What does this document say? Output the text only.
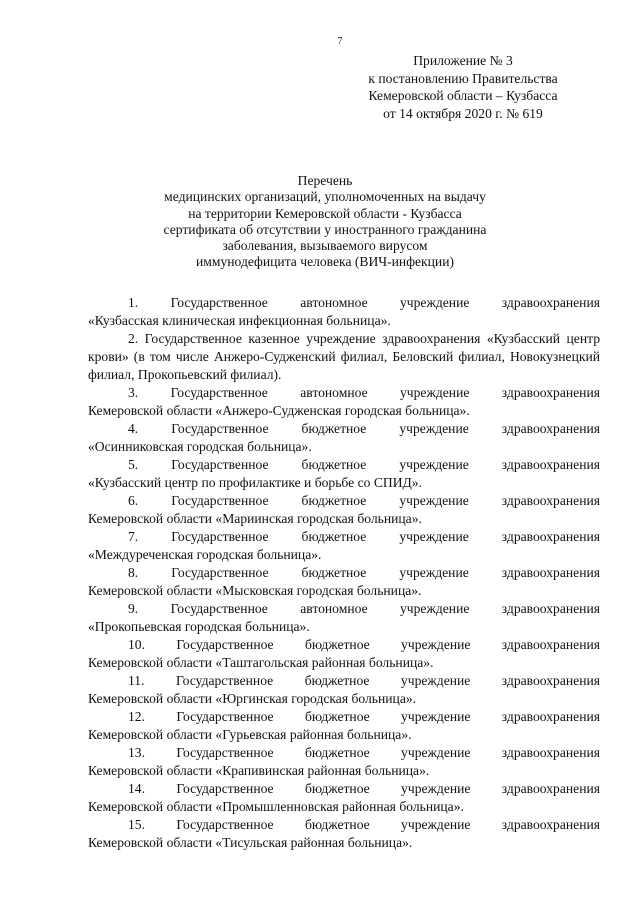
7
Приложение № 3
к постановлению Правительства
Кемеровской области – Кузбасса
от 14 октября 2020 г. № 619
Перечень
медицинских организаций, уполномоченных на выдачу
на территории Кемеровской области - Кузбасса
сертификата об отсутствии у иностранного гражданина
заболевания, вызываемого вирусом
иммунодефицита человека (ВИЧ-инфекции)

1. Государственное автономное учреждение здравоохранения
«Кузбасская клиническая инфекционная больница».

2. Государственное казенное учреждение здравоохранения «Кузбасский центр крови» (в том числе Анжеро-Судженский филиал, Беловский филиал, Новокузнецкий филиал, Прокопьевский филиал).

3. Государственное автономное учреждение здравоохранения
Кемеровской области «Анжеро-Судженская городская больница».

4. Государственное бюджетное учреждение здравоохранения
«Осинниковская городская больница».

5. Государственное бюджетное учреждение здравоохранения
«Кузбасский центр по профилактике и борьбе со СПИД».

6. Государственное бюджетное учреждение здравоохранения
Кемеровской области «Мариинская городская больница».

7. Государственное бюджетное учреждение здравоохранения
«Междуреченская городская больница».

8. Государственное бюджетное учреждение здравоохранения
Кемеровской области «Мысковская городская больница».

9. Государственное автономное учреждение здравоохранения
«Прокопьевская городская больница».

10. Государственное бюджетное учреждение здравоохранения
Кемеровской области «Таштагольская районная больница».

11. Государственное бюджетное учреждение здравоохранения
Кемеровской области «Юргинская городская больница».

12. Государственное бюджетное учреждение здравоохранения
Кемеровской области «Гурьевская районная больница».

13. Государственное бюджетное учреждение здравоохранения
Кемеровской области «Крапивинская районная больница».

14. Государственное бюджетное учреждение здравоохранения
Кемеровской области «Промышленновская районная больница».

15. Государственное бюджетное учреждение здравоохранения
Кемеровской области «Тисульская районная больница».
